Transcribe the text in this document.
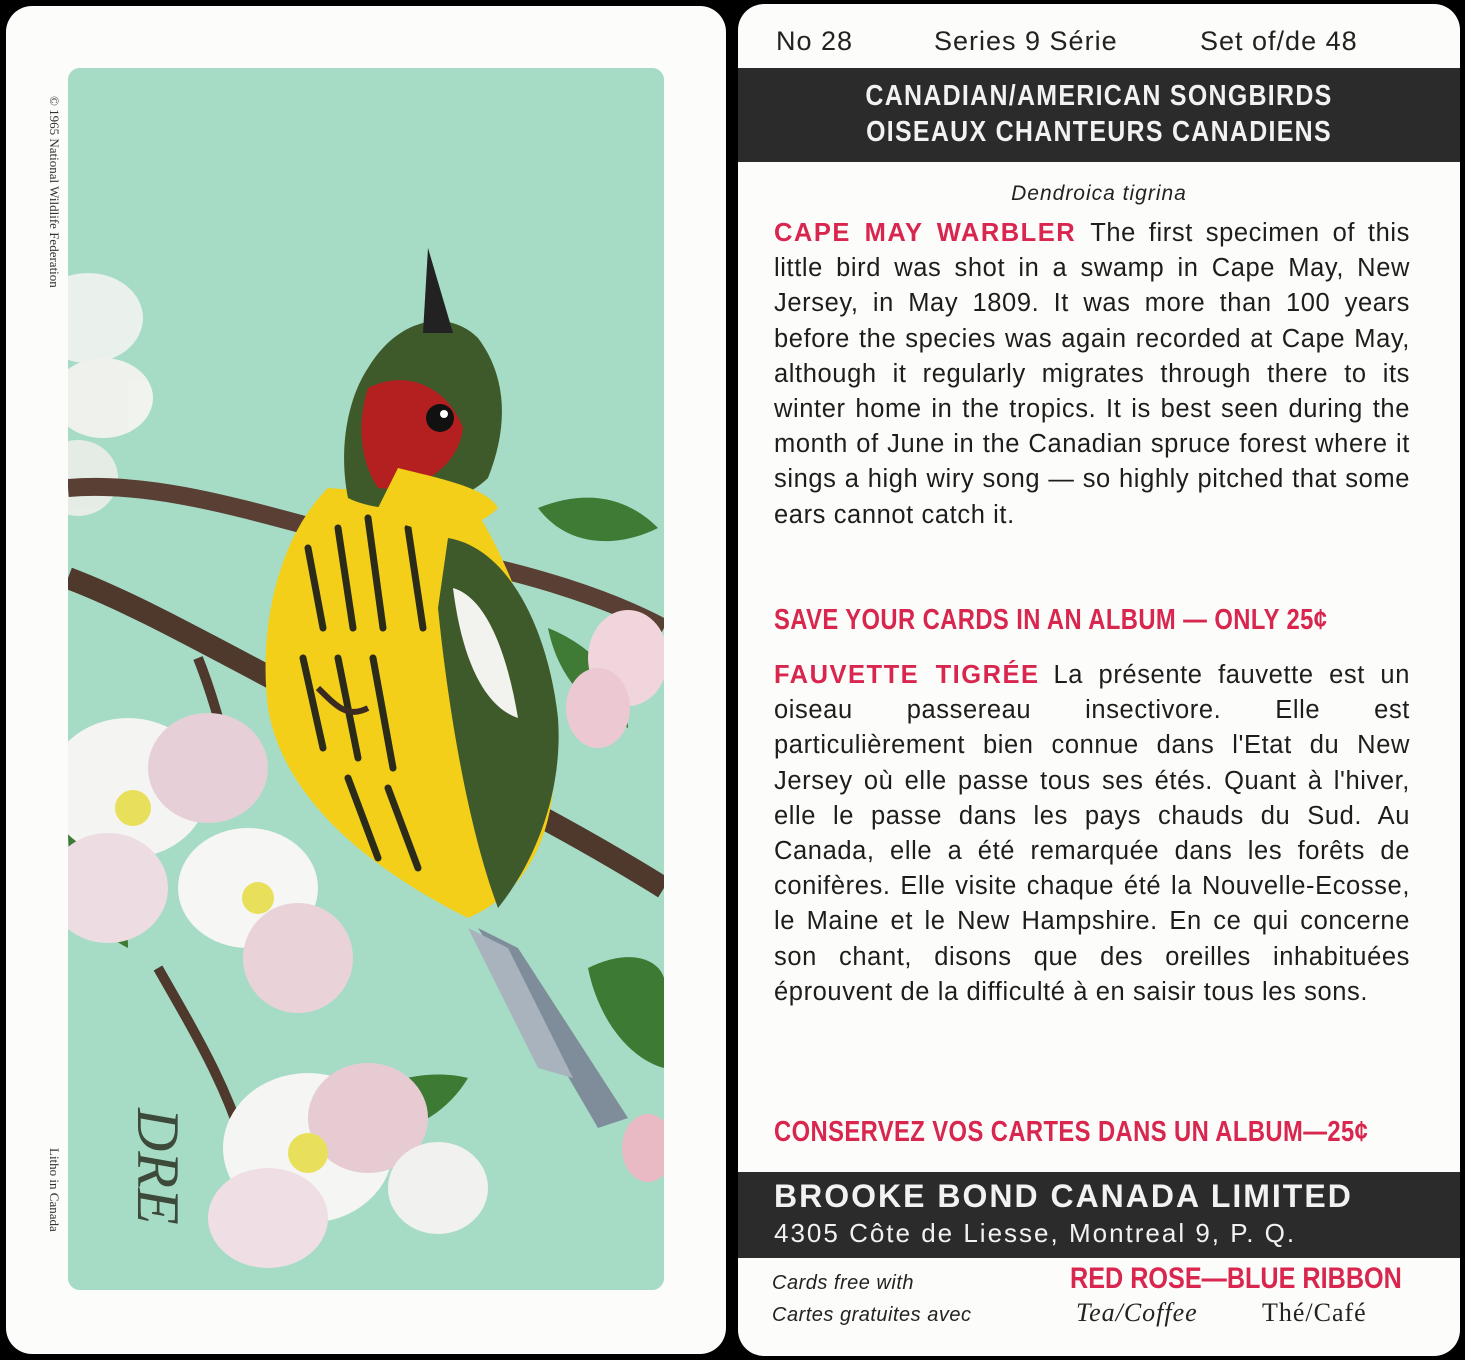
© 1965 National Wildlife Federation
DRE
Litho in Canada
No 28	Series 9 Série	Set of/de 48
CANADIAN/AMERICAN SONGBIRDS
OISEAUX CHANTEURS CANADIENS
Dendroica tigrina
CAPE MAY WARBLER The first specimen of this little bird was shot in a swamp in Cape May, New Jersey, in May 1809. It was more than 100 years before the species was again recorded at Cape May, although it regularly migrates through there to its winter home in the tropics. It is best seen during the month of June in the Canadian spruce forest where it sings a high wiry song — so highly pitched that some ears cannot catch it.
SAVE YOUR CARDS IN AN ALBUM — ONLY 25¢
FAUVETTE TIGRÉE La présente fauvette est un oiseau passereau insectivore. Elle est particulièrement bien connue dans l'Etat du New Jersey où elle passe tous ses étés. Quant à l'hiver, elle le passe dans les pays chauds du Sud. Au Canada, elle a été remarquée dans les forêts de conifères. Elle visite chaque été la Nouvelle-Ecosse, le Maine et le New Hampshire. En ce qui concerne son chant, disons que des oreilles inhabituées éprouvent de la difficulté à en saisir tous les sons.
CONSERVEZ VOS CARTES DANS UN ALBUM—25¢
BROOKE BOND CANADA LIMITED
4305 Côte de Liesse, Montreal 9, P. Q.
Cards free with
Cartes gratuites avec
RED ROSE—BLUE RIBBON
Tea/Coffee Thé/Café
